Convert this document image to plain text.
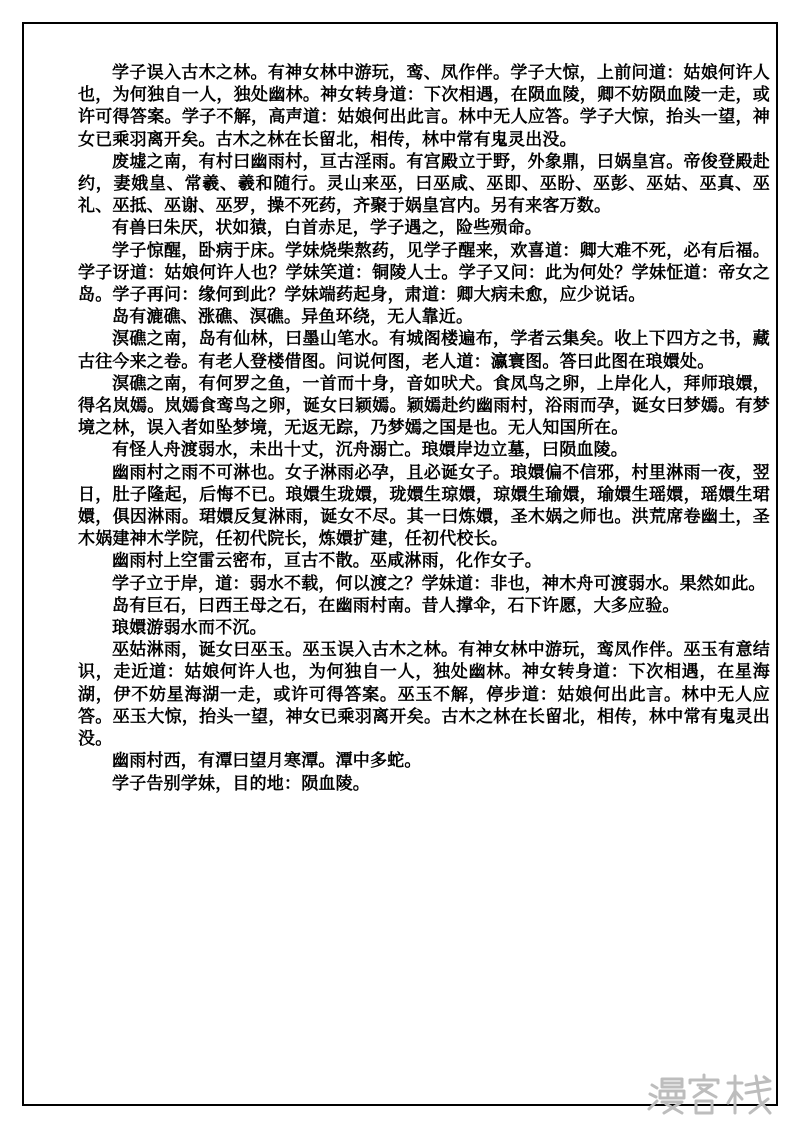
学子误入古木之林。有神女林中游玩，鸾、凤作伴。学子大惊，上前问道：姑娘何许人也，为何独自一人，独处幽林。神女转身道：下次相遇，在陨血陵，卿不妨陨血陵一走，或许可得答案。学子不解，高声道：姑娘何出此言。林中无人应答。学子大惊，抬头一望，神女已乘羽离开矣。古木之林在长留北，相传，林中常有鬼灵出没。

废墟之南，有村曰幽雨村，亘古淫雨。有宫殿立于野，外象鼎，曰娲皇宫。帝俊登殿赴约，妻娥皇、常羲、羲和随行。灵山来巫，曰巫咸、巫即、巫盼、巫彭、巫姑、巫真、巫礼、巫抵、巫谢、巫罗，操不死药，齐聚于娲皇宫内。另有来客万数。

有兽曰朱厌，状如猿，白首赤足，学子遇之，险些殒命。

学子惊醒，卧病于床。学妹烧柴熬药，见学子醒来，欢喜道：卿大难不死，必有后福。学子讶道：姑娘何许人也？学妹笑道：铜陵人士。学子又问：此为何处？学妹怔道：帝女之岛。学子再问：缘何到此？学妹端药起身，肃道：卿大病未愈，应少说话。

岛有漉礁、涨礁、溟礁。异鱼环绕，无人靠近。

溟礁之南，岛有仙林，曰墨山笔水。有城阁楼遍布，学者云集矣。收上下四方之书，藏古往今来之卷。有老人登楼借图。问说何图，老人道：瀛寰图。答曰此图在琅嬛处。

溟礁之南，有何罗之鱼，一首而十身，音如吠犬。食凤鸟之卵，上岸化人，拜师琅嬛，得名岚嫣。岚嫣食鸾鸟之卵，诞女曰颖嫣。颖嫣赴约幽雨村，浴雨而孕，诞女曰梦嫣。有梦境之林，误入者如坠梦境，无返无踪，乃梦嫣之国是也。无人知国所在。

有怪人舟渡弱水，未出十丈，沉舟溺亡。琅嬛岸边立墓，曰陨血陵。

幽雨村之雨不可淋也。女子淋雨必孕，且必诞女子。琅嬛偏不信邪，村里淋雨一夜，翌日，肚子隆起，后悔不已。琅嬛生珑嬛，珑嬛生琼嬛，琼嬛生瑜嬛，瑜嬛生瑶嬛，瑶嬛生珺嬛，俱因淋雨。珺嬛反复淋雨，诞女不尽。其一曰炼嬛，圣木娲之师也。洪荒席卷幽土，圣木娲建神木学院，任初代院长，炼嬛扩建，任初代校长。

幽雨村上空雷云密布，亘古不散。巫咸淋雨，化作女子。

学子立于岸，道：弱水不载，何以渡之？学妹道：非也，神木舟可渡弱水。果然如此。

岛有巨石，曰西王母之石，在幽雨村南。昔人撑伞，石下许愿，大多应验。

琅嬛游弱水而不沉。

巫姑淋雨，诞女曰巫玉。巫玉误入古木之林。有神女林中游玩，鸾凤作伴。巫玉有意结识，走近道：姑娘何许人也，为何独自一人，独处幽林。神女转身道：下次相遇，在星海湖，伊不妨星海湖一走，或许可得答案。巫玉不解，停步道：姑娘何出此言。林中无人应答。巫玉大惊，抬头一望，神女已乘羽离开矣。古木之林在长留北，相传，林中常有鬼灵出没。

幽雨村西，有潭曰望月寒潭。潭中多蛇。

学子告别学妹，目的地：陨血陵。
